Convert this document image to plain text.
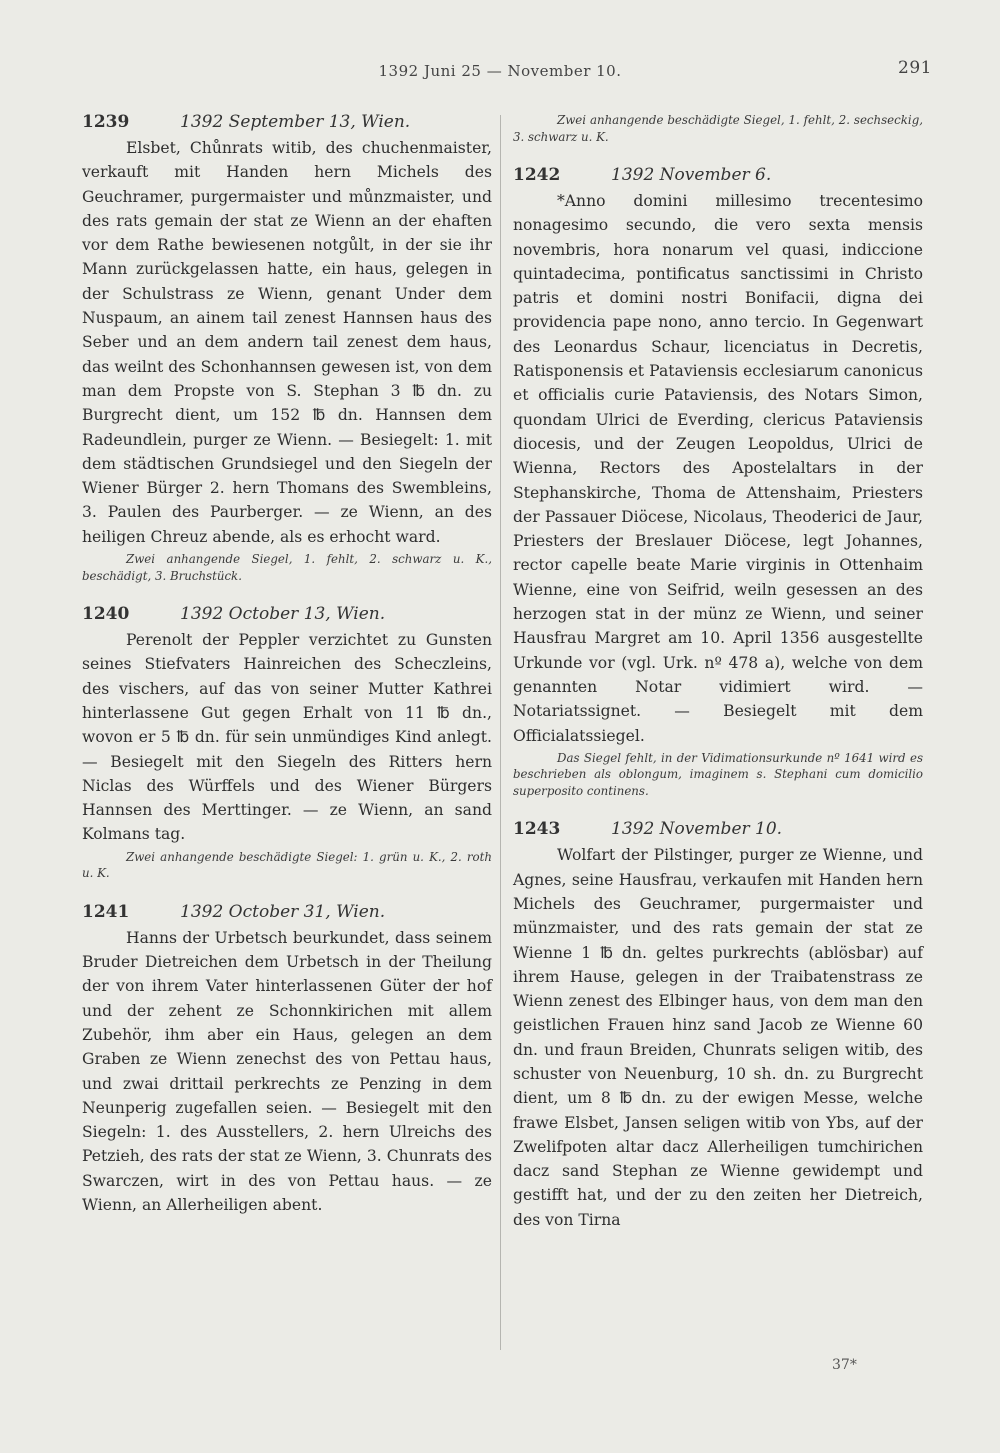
1392 Juni 25 — November 10.	291
1239	1392 September 13, Wien.

Elsbet, Chůnrats witib, des chuchenmaister, verkauft mit Handen hern Michels des Geuchramer, purgermaister und můnzmaister, und des rats gemain der stat ze Wienn an der ehaften vor dem Rathe bewiesenen notgůlt, in der sie ihr Mann zurückgelassen hatte, ein haus, gelegen in der Schulstrass ze Wienn, genant Under dem Nuspaum, an ainem tail zenest Hannsen haus des Seber und an dem andern tail zenest dem haus, das weilnt des Schonhannsen gewesen ist, von dem man dem Propste von S. Stephan 3 ℔ dn. zu Burgrecht dient, um 152 ℔ dn. Hannsen dem Radeundlein, purger ze Wienn. — Besiegelt: 1. mit dem städtischen Grundsiegel und den Siegeln der Wiener Bürger 2. hern Thomans des Swembleins, 3. Paulen des Paurberger. — ze Wienn, an des heiligen Chreuz abende, als es erhocht ward.

Zwei anhangende Siegel, 1. fehlt, 2. schwarz u. K., beschädigt, 3. Bruchstück.

1240	1392 October 13, Wien.

Perenolt der Peppler verzichtet zu Gunsten seines Stiefvaters Hainreichen des Scheczleins, des vischers, auf das von seiner Mutter Kathrei hinterlassene Gut gegen Erhalt von 11 ℔ dn., wovon er 5 ℔ dn. für sein unmündiges Kind anlegt. — Besiegelt mit den Siegeln des Ritters hern Niclas des Würffels und des Wiener Bürgers Hannsen des Merttinger. — ze Wienn, an sand Kolmans tag.

Zwei anhangende beschädigte Siegel: 1. grün u. K., 2. roth u. K.

1241	1392 October 31, Wien.

Hanns der Urbetsch beurkundet, dass seinem Bruder Dietreichen dem Urbetsch in der Theilung der von ihrem Vater hinterlassenen Güter der hof und der zehent ze Schonnkirichen mit allem Zubehör, ihm aber ein Haus, gelegen an dem Graben ze Wienn zenechst des von Pettau haus, und zwai drittail perkrechts ze Penzing in dem Neunperig zugefallen seien. — Besiegelt mit den Siegeln: 1. des Ausstellers, 2. hern Ulreichs des Petzieh, des rats der stat ze Wienn, 3. Chunrats des Swarczen, wirt in des von Pettau haus. — ze Wienn, an Allerheiligen abent.

Zwei anhangende beschädigte Siegel, 1. fehlt, 2. sechseckig, 3. schwarz u. K.

1242	1392 November 6.

*Anno domini millesimo trecentesimo nonagesimo secundo, die vero sexta mensis novembris, hora nonarum vel quasi, indiccione quintadecima, pontificatus sanctissimi in Christo patris et domini nostri Bonifacii, digna dei providencia pape nono, anno tercio. In Gegenwart des Leonardus Schaur, licenciatus in Decretis, Ratisponensis et Pataviensis ecclesiarum canonicus et officialis curie Pataviensis, des Notars Simon, quondam Ulrici de Everding, clericus Pataviensis diocesis, und der Zeugen Leopoldus, Ulrici de Wienna, Rectors des Apostelaltars in der Stephanskirche, Thoma de Attenshaim, Priesters der Passauer Diöcese, Nicolaus, Theoderici de Jaur, Priesters der Breslauer Diöcese, legt Johannes, rector capelle beate Marie virginis in Ottenhaim Wienne, eine von Seifrid, weiln gesessen an des herzogen stat in der münz ze Wienn, und seiner Hausfrau Margret am 10. April 1356 ausgestellte Urkunde vor (vgl. Urk. nº 478 a), welche von dem genannten Notar vidimiert wird. — Notariatssignet. — Besiegelt mit dem Officialatssiegel.

Das Siegel fehlt, in der Vidimationsurkunde nº 1641 wird es beschrieben als oblongum, imaginem s. Stephani cum domicilio superposito continens.

1243	1392 November 10.

Wolfart der Pilstinger, purger ze Wienne, und Agnes, seine Hausfrau, verkaufen mit Handen hern Michels des Geuchramer, purgermaister und münzmaister, und des rats gemain der stat ze Wienne 1 ℔ dn. geltes purkrechts (ablösbar) auf ihrem Hause, gelegen in der Traibatenstrass ze Wienn zenest des Elbinger haus, von dem man den geistlichen Frauen hinz sand Jacob ze Wienne 60 dn. und fraun Breiden, Chunrats seligen witib, des schuster von Neuenburg, 10 sh. dn. zu Burgrecht dient, um 8 ℔ dn. zu der ewigen Messe, welche frawe Elsbet, Jansen seligen witib von Ybs, auf der Zwelifpoten altar dacz Allerheiligen tumchirichen dacz sand Stephan ze Wienne gewidempt und gestifft hat, und der zu den zeiten her Dietreich, des von Tirna

37*
